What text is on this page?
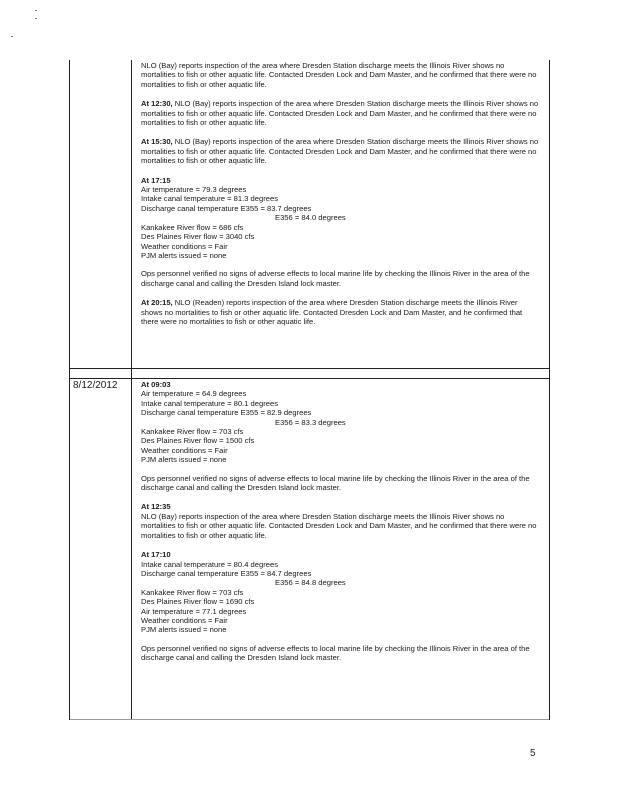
8/12/2012

NLO (Bay) reports inspection of the area where Dresden Station discharge meets the Illinois River shows no mortalities to fish or other aquatic life. Contacted Dresden Lock and Dam Master, and he confirmed that there were no mortalities to fish or other aquatic life.

At 12:30, NLO (Bay) reports inspection of the area where Dresden Station discharge meets the Illinois River shows no mortalities to fish or other aquatic life. Contacted Dresden Lock and Dam Master, and he confirmed that there were no mortalities to fish or other aquatic life.

At 15:30, NLO (Bay) reports inspection of the area where Dresden Station discharge meets the Illinois River shows no mortalities to fish or other aquatic life. Contacted Dresden Lock and Dam Master, and he confirmed that there were no mortalities to fish or other aquatic life.

At 17:15
Air temperature = 79.3 degrees
Intake canal temperature = 81.3 degrees
Discharge canal temperature E355 = 83.7 degrees
E356 = 84.0 degrees
Kankakee River flow = 686 cfs
Des Plaines River flow = 3040 cfs
Weather conditions = Fair
PJM alerts issued = none

Ops personnel verified no signs of adverse effects to local marine life by checking the Illinois River in the area of the discharge canal and calling the Dresden Island lock master.

At 20:15, NLO (Readen) reports inspection of the area where Dresden Station discharge meets the Illinois River shows no mortalities to fish or other aquatic life. Contacted Dresden Lock and Dam Master, and he confirmed that there were no mortalities to fish or other aquatic life.

At 09:03
Air temperature = 64.9 degrees
Intake canal temperature = 80.1 degrees
Discharge canal temperature E355 = 82.9 degrees
E356 = 83.3 degrees
Kankakee River flow = 703 cfs
Des Plaines River flow = 1500 cfs
Weather conditions = Fair
PJM alerts issued = none

Ops personnel verified no signs of adverse effects to local marine life by checking the Illinois River in the area of the discharge canal and calling the Dresden Island lock master.

At 12:35
NLO (Bay) reports inspection of the area where Dresden Station discharge meets the Illinois River shows no mortalities to fish or other aquatic life. Contacted Dresden Lock and Dam Master, and he confirmed that there were no mortalities to fish or other aquatic life.

At 17:10
Intake canal temperature = 80.4 degrees
Discharge canal temperature E355 = 84.7 degrees
E356 = 84.8 degrees
Kankakee River flow = 703 cfs
Des Plaines River flow = 1690 cfs
Air temperature = 77.1 degrees
Weather conditions = Fair
PJM alerts issued = none

Ops personnel verified no signs of adverse effects to local marine life by checking the Illinois River in the area of the discharge canal and calling the Dresden Island lock master.

5
